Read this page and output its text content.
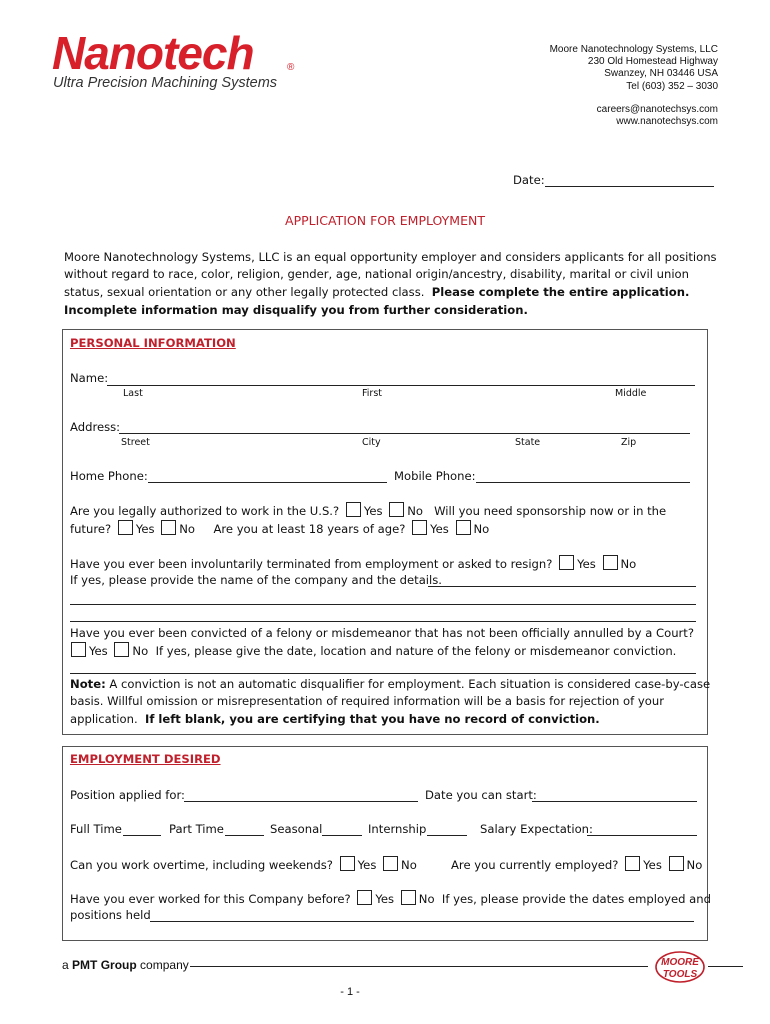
Nanotech	®
Ultra Precision Machining Systems
Moore Nanotechnology Systems, LLC
230 Old Homestead Highway
Swanzey, NH 03446 USA
Tel (603) 352 – 3030
careers@nanotechsys.com
www.nanotechsys.com
Date:
APPLICATION FOR EMPLOYMENT
Moore Nanotechnology Systems, LLC is an equal opportunity employer and considers applicants for all positions
without regard to race, color, religion, gender, age, national origin/ancestry, disability, marital or civil union
status, sexual orientation or any other legally protected class. Please complete the entire application.
Incomplete information may disqualify you from further consideration.
PERSONAL INFORMATION
Name:
Last	First	Middle
Address:
Street	City	State	Zip
Home Phone:	Mobile Phone:
Are you legally authorized to work in the U.S.? Yes No Will you need sponsorship now or in the
future? Yes No Are you at least 18 years of age? Yes No
Have you ever been involuntarily terminated from employment or asked to resign? Yes No
If yes, please provide the name of the company and the details.
Have you ever been convicted of a felony or misdemeanor that has not been officially annulled by a Court?
Yes No If yes, please give the date, location and nature of the felony or misdemeanor conviction.
Note: A conviction is not an automatic disqualifier for employment. Each situation is considered case-by-case
basis. Willful omission or misrepresentation of required information will be a basis for rejection of your
application. If left blank, you are certifying that you have no record of conviction.
EMPLOYMENT DESIRED
Position applied for:	Date you can start:
Full Time	Part Time	Seasonal	Internship	Salary Expectation:
Can you work overtime, including weekends? Yes No	Are you currently employed? Yes No
Have you ever worked for this Company before? Yes No If yes, please provide the dates employed and
positions held
a PMT Group company	MOORE
TOOLS
- 1 -
